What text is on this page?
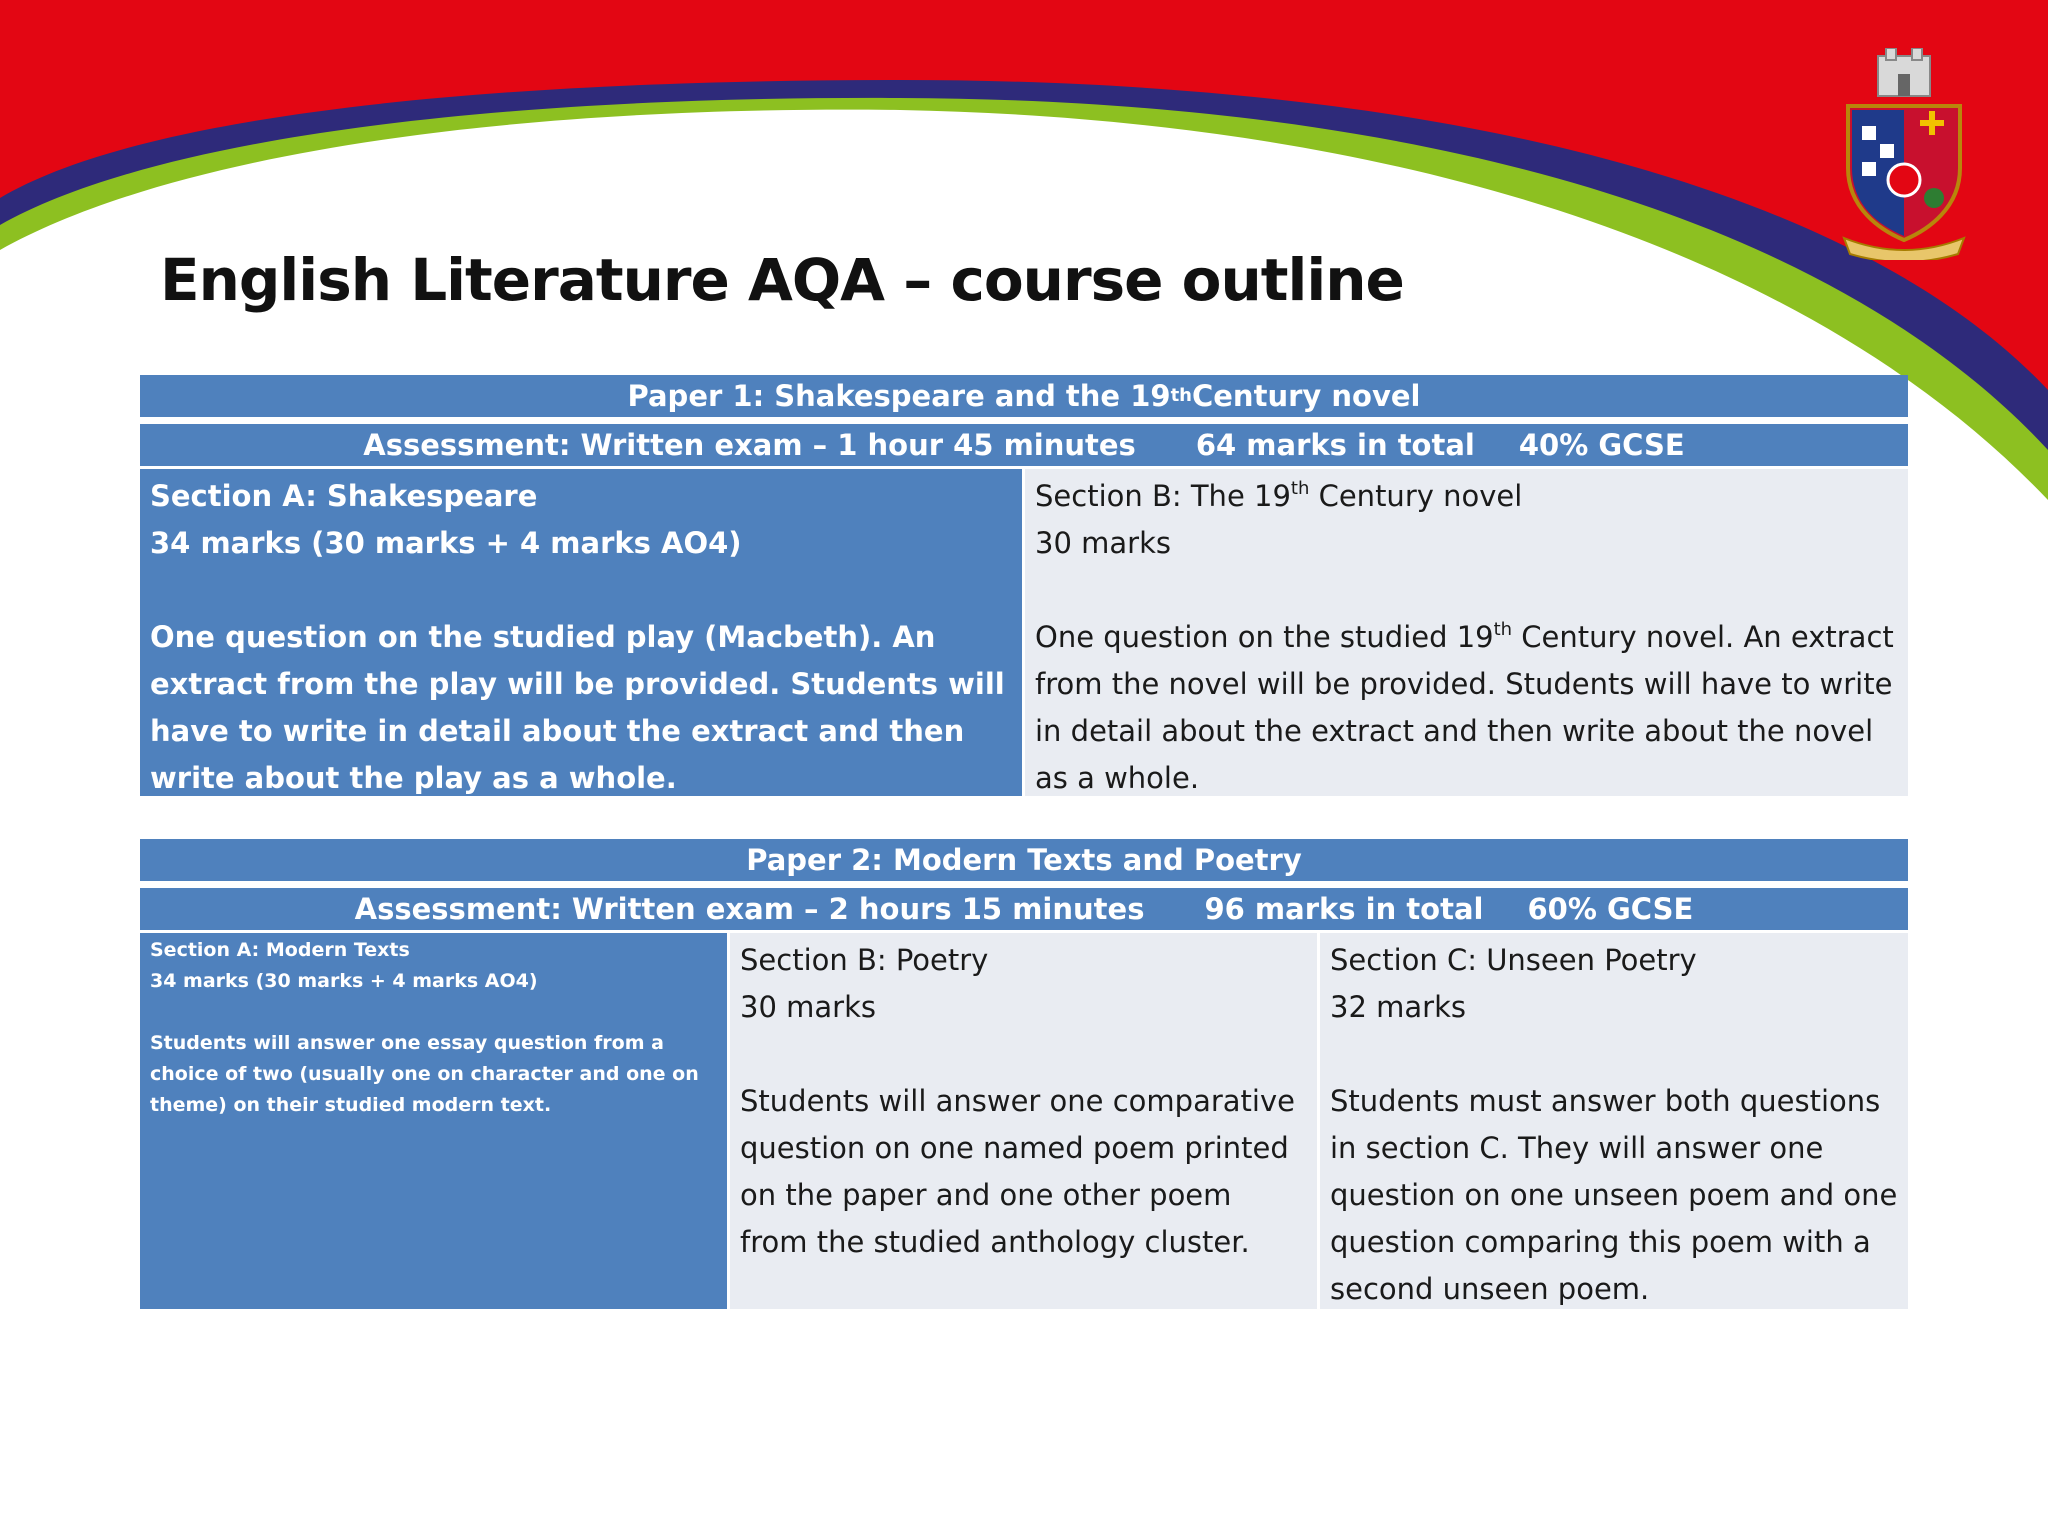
English Literature AQA – course outline
Paper 1: Shakespeare and the 19 th Century novel
Assessment: Written exam – 1 hour 45 minutes 64 marks in total 40% GCSE
Section A: Shakespeare
34 marks (30 marks + 4 marks AO4)
One question on the studied play (Macbeth). An extract from the play will be provided. Students will have to write in detail about the extract and then write about the play as a whole.
Section B: The 19th Century novel
30 marks
One question on the studied 19th Century novel. An extract from the novel will be provided. Students will have to write in detail about the extract and then write about the novel as a whole.
Paper 2: Modern Texts and Poetry
Assessment: Written exam – 2 hours 15 minutes 96 marks in total 60% GCSE
Section A: Modern Texts
34 marks (30 marks + 4 marks AO4)
Students will answer one essay question from a choice of two (usually one on character and one on theme) on their studied modern text.
Section B: Poetry
30 marks
Students will answer one comparative question on one named poem printed on the paper and one other poem from the studied anthology cluster.
Section C: Unseen Poetry
32 marks
Students must answer both questions in section C. They will answer one question on one unseen poem and one question comparing this poem with a second unseen poem.
